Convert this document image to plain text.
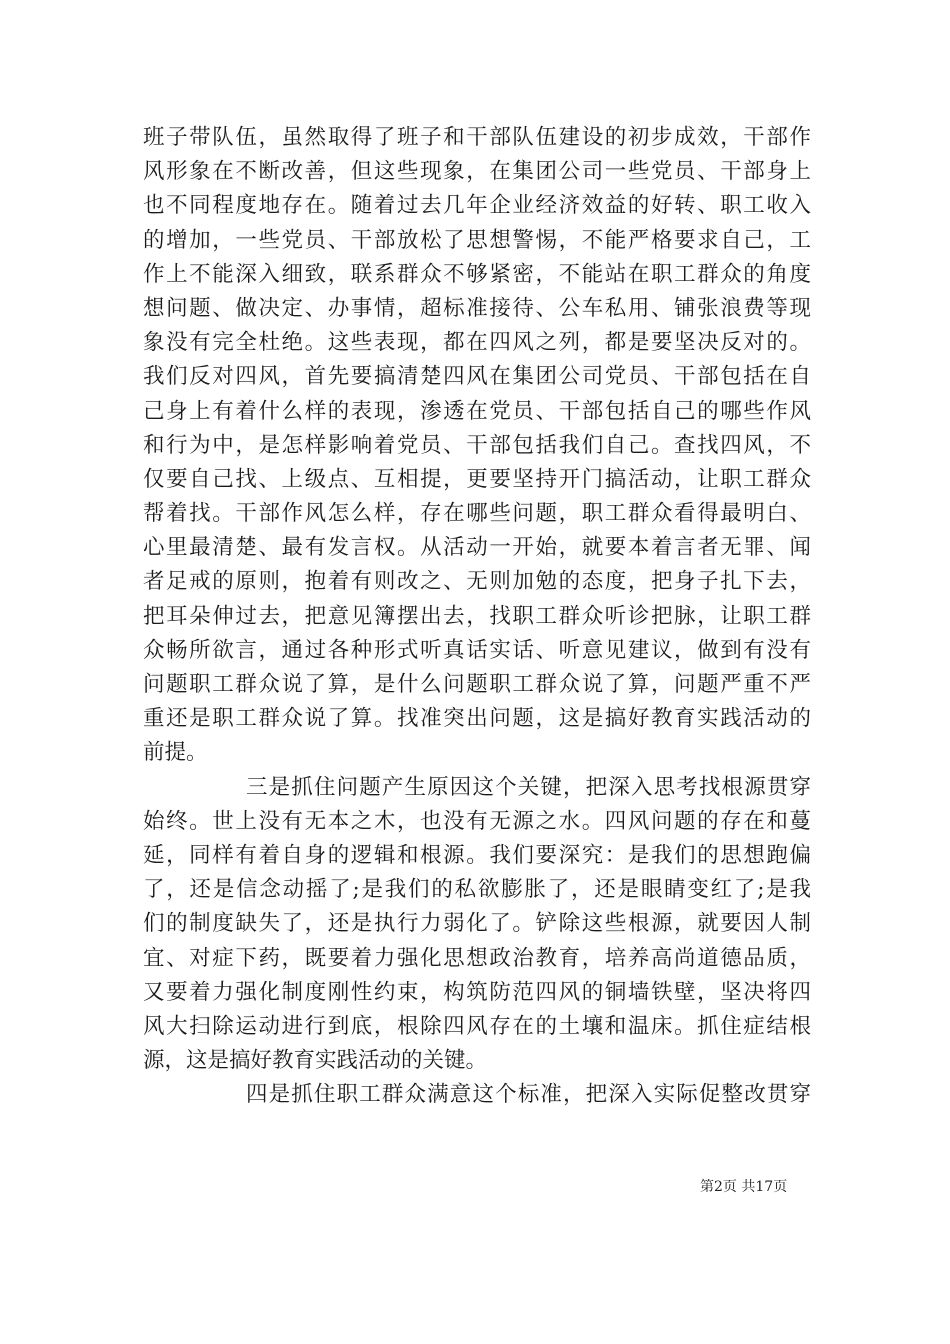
班子带队伍，虽然取得了班子和干部队伍建设的初步成效，干部作
风形象在不断改善，但这些现象，在集团公司一些党员、干部身上
也不同程度地存在。随着过去几年企业经济效益的好转、职工收入
的增加，一些党员、干部放松了思想警惕，不能严格要求自己，工
作上不能深入细致，联系群众不够紧密，不能站在职工群众的角度
想问题、做决定、办事情，超标准接待、公车私用、铺张浪费等现
象没有完全杜绝。这些表现，都在四风之列，都是要坚决反对的。
我们反对四风，首先要搞清楚四风在集团公司党员、干部包括在自
己身上有着什么样的表现，渗透在党员、干部包括自己的哪些作风
和行为中，是怎样影响着党员、干部包括我们自己。查找四风，不
仅要自己找、上级点、互相提，更要坚持开门搞活动，让职工群众
帮着找。干部作风怎么样，存在哪些问题，职工群众看得最明白、
心里最清楚、最有发言权。从活动一开始，就要本着言者无罪、闻
者足戒的原则，抱着有则改之、无则加勉的态度，把身子扎下去，
把耳朵伸过去，把意见簿摆出去，找职工群众听诊把脉，让职工群
众畅所欲言，通过各种形式听真话实话、听意见建议，做到有没有
问题职工群众说了算，是什么问题职工群众说了算，问题严重不严
重还是职工群众说了算。找准突出问题，这是搞好教育实践活动的
前提。
三是抓住问题产生原因这个关键，把深入思考找根源贯穿
始终。世上没有无本之木，也没有无源之水。四风问题的存在和蔓
延，同样有着自身的逻辑和根源。我们要深究：是我们的思想跑偏
了，还是信念动摇了;是我们的私欲膨胀了，还是眼睛变红了;是我
们的制度缺失了，还是执行力弱化了。铲除这些根源，就要因人制
宜、对症下药，既要着力强化思想政治教育，培养高尚道德品质，
又要着力强化制度刚性约束，构筑防范四风的铜墙铁壁，坚决将四
风大扫除运动进行到底，根除四风存在的土壤和温床。抓住症结根
源，这是搞好教育实践活动的关键。
四是抓住职工群众满意这个标准，把深入实际促整改贯穿
第2页 共17页
